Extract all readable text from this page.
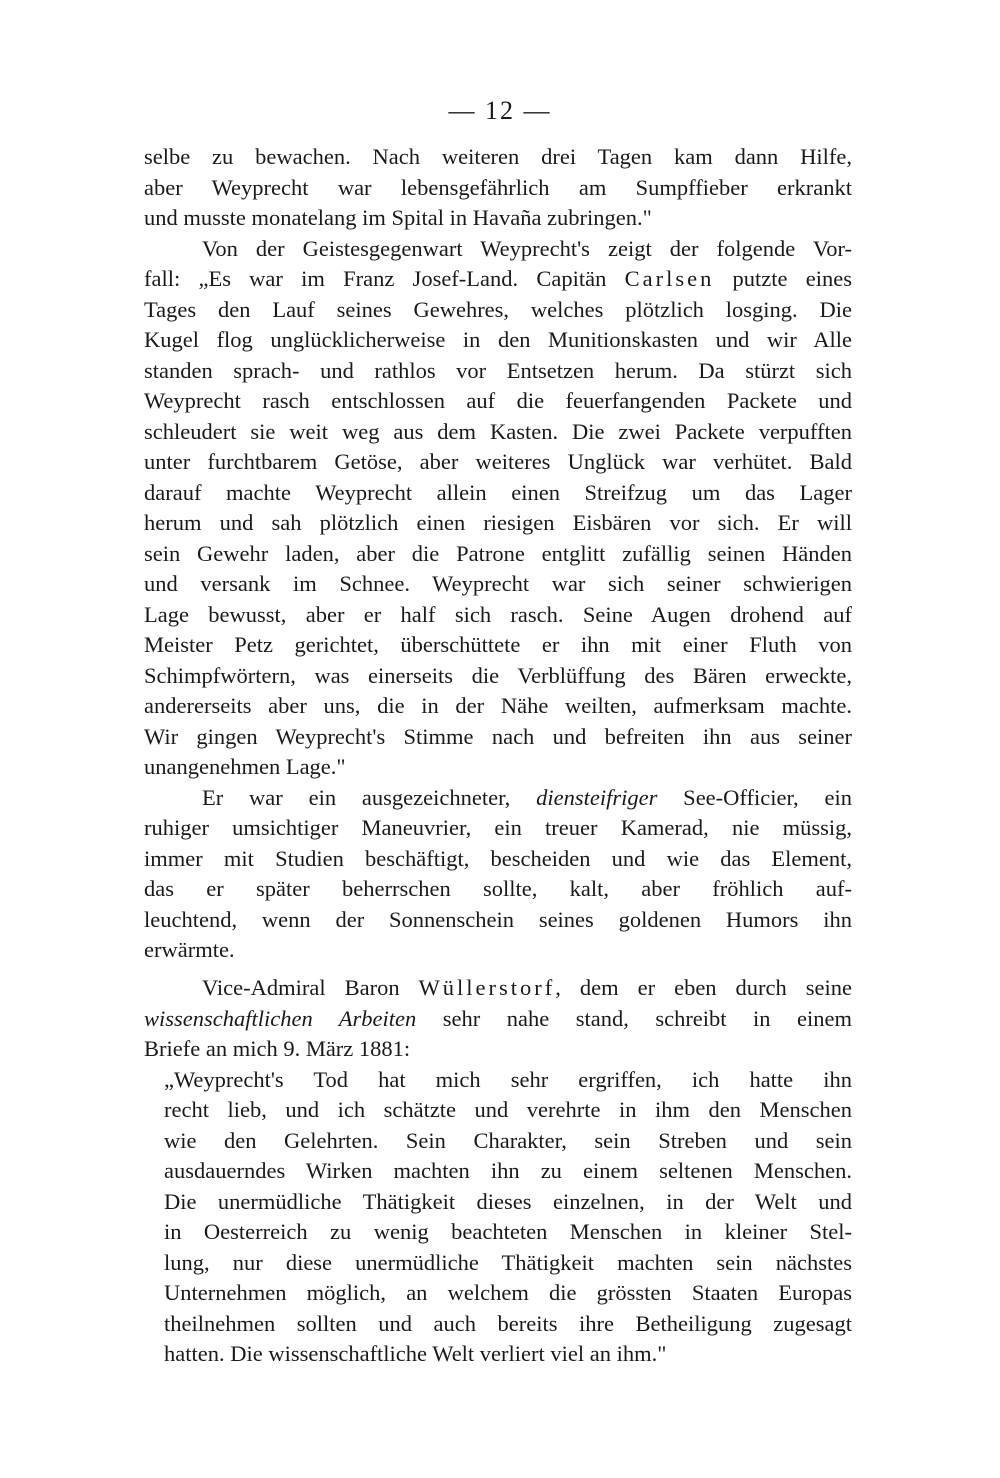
— 12 —
selbe zu bewachen. Nach weiteren drei Tagen kam dann Hilfe,
aber Weyprecht war lebensgefährlich am Sumpffieber erkrankt
und musste monatelang im Spital in Havaña zubringen."
Von der Geistesgegenwart Weyprecht's zeigt der folgende Vor-
fall: „Es war im Franz Josef-Land. Capitän Carlsen putzte eines
Tages den Lauf seines Gewehres, welches plötzlich losging. Die
Kugel flog unglücklicherweise in den Munitionskasten und wir Alle
standen sprach- und rathlos vor Entsetzen herum. Da stürzt sich
Weyprecht rasch entschlossen auf die feuerfangenden Packete und
schleudert sie weit weg aus dem Kasten. Die zwei Packete verpufften
unter furchtbarem Getöse, aber weiteres Unglück war verhütet. Bald
darauf machte Weyprecht allein einen Streifzug um das Lager
herum und sah plötzlich einen riesigen Eisbären vor sich. Er will
sein Gewehr laden, aber die Patrone entglitt zufällig seinen Händen
und versank im Schnee. Weyprecht war sich seiner schwierigen
Lage bewusst, aber er half sich rasch. Seine Augen drohend auf
Meister Petz gerichtet, überschüttete er ihn mit einer Fluth von
Schimpfwörtern, was einerseits die Verblüffung des Bären erweckte,
andererseits aber uns, die in der Nähe weilten, aufmerksam machte.
Wir gingen Weyprecht's Stimme nach und befreiten ihn aus seiner
unangenehmen Lage."
Er war ein ausgezeichneter, diensteifriger See-Officier, ein
ruhiger umsichtiger Maneuvrier, ein treuer Kamerad, nie müssig,
immer mit Studien beschäftigt, bescheiden und wie das Element,
das er später beherrschen sollte, kalt, aber fröhlich auf-
leuchtend, wenn der Sonnenschein seines goldenen Humors ihn
erwärmte.
Vice-Admiral Baron Wüllerstorf, dem er eben durch seine
wissenschaftlichen Arbeiten sehr nahe stand, schreibt in einem
Briefe an mich 9. März 1881:
„Weyprecht's Tod hat mich sehr ergriffen, ich hatte ihn
recht lieb, und ich schätzte und verehrte in ihm den Menschen
wie den Gelehrten. Sein Charakter, sein Streben und sein
ausdauerndes Wirken machten ihn zu einem seltenen Menschen.
Die unermüdliche Thätigkeit dieses einzelnen, in der Welt und
in Oesterreich zu wenig beachteten Menschen in kleiner Stel-
lung, nur diese unermüdliche Thätigkeit machten sein nächstes
Unternehmen möglich, an welchem die grössten Staaten Europas
theilnehmen sollten und auch bereits ihre Betheiligung zugesagt
hatten. Die wissenschaftliche Welt verliert viel an ihm."
